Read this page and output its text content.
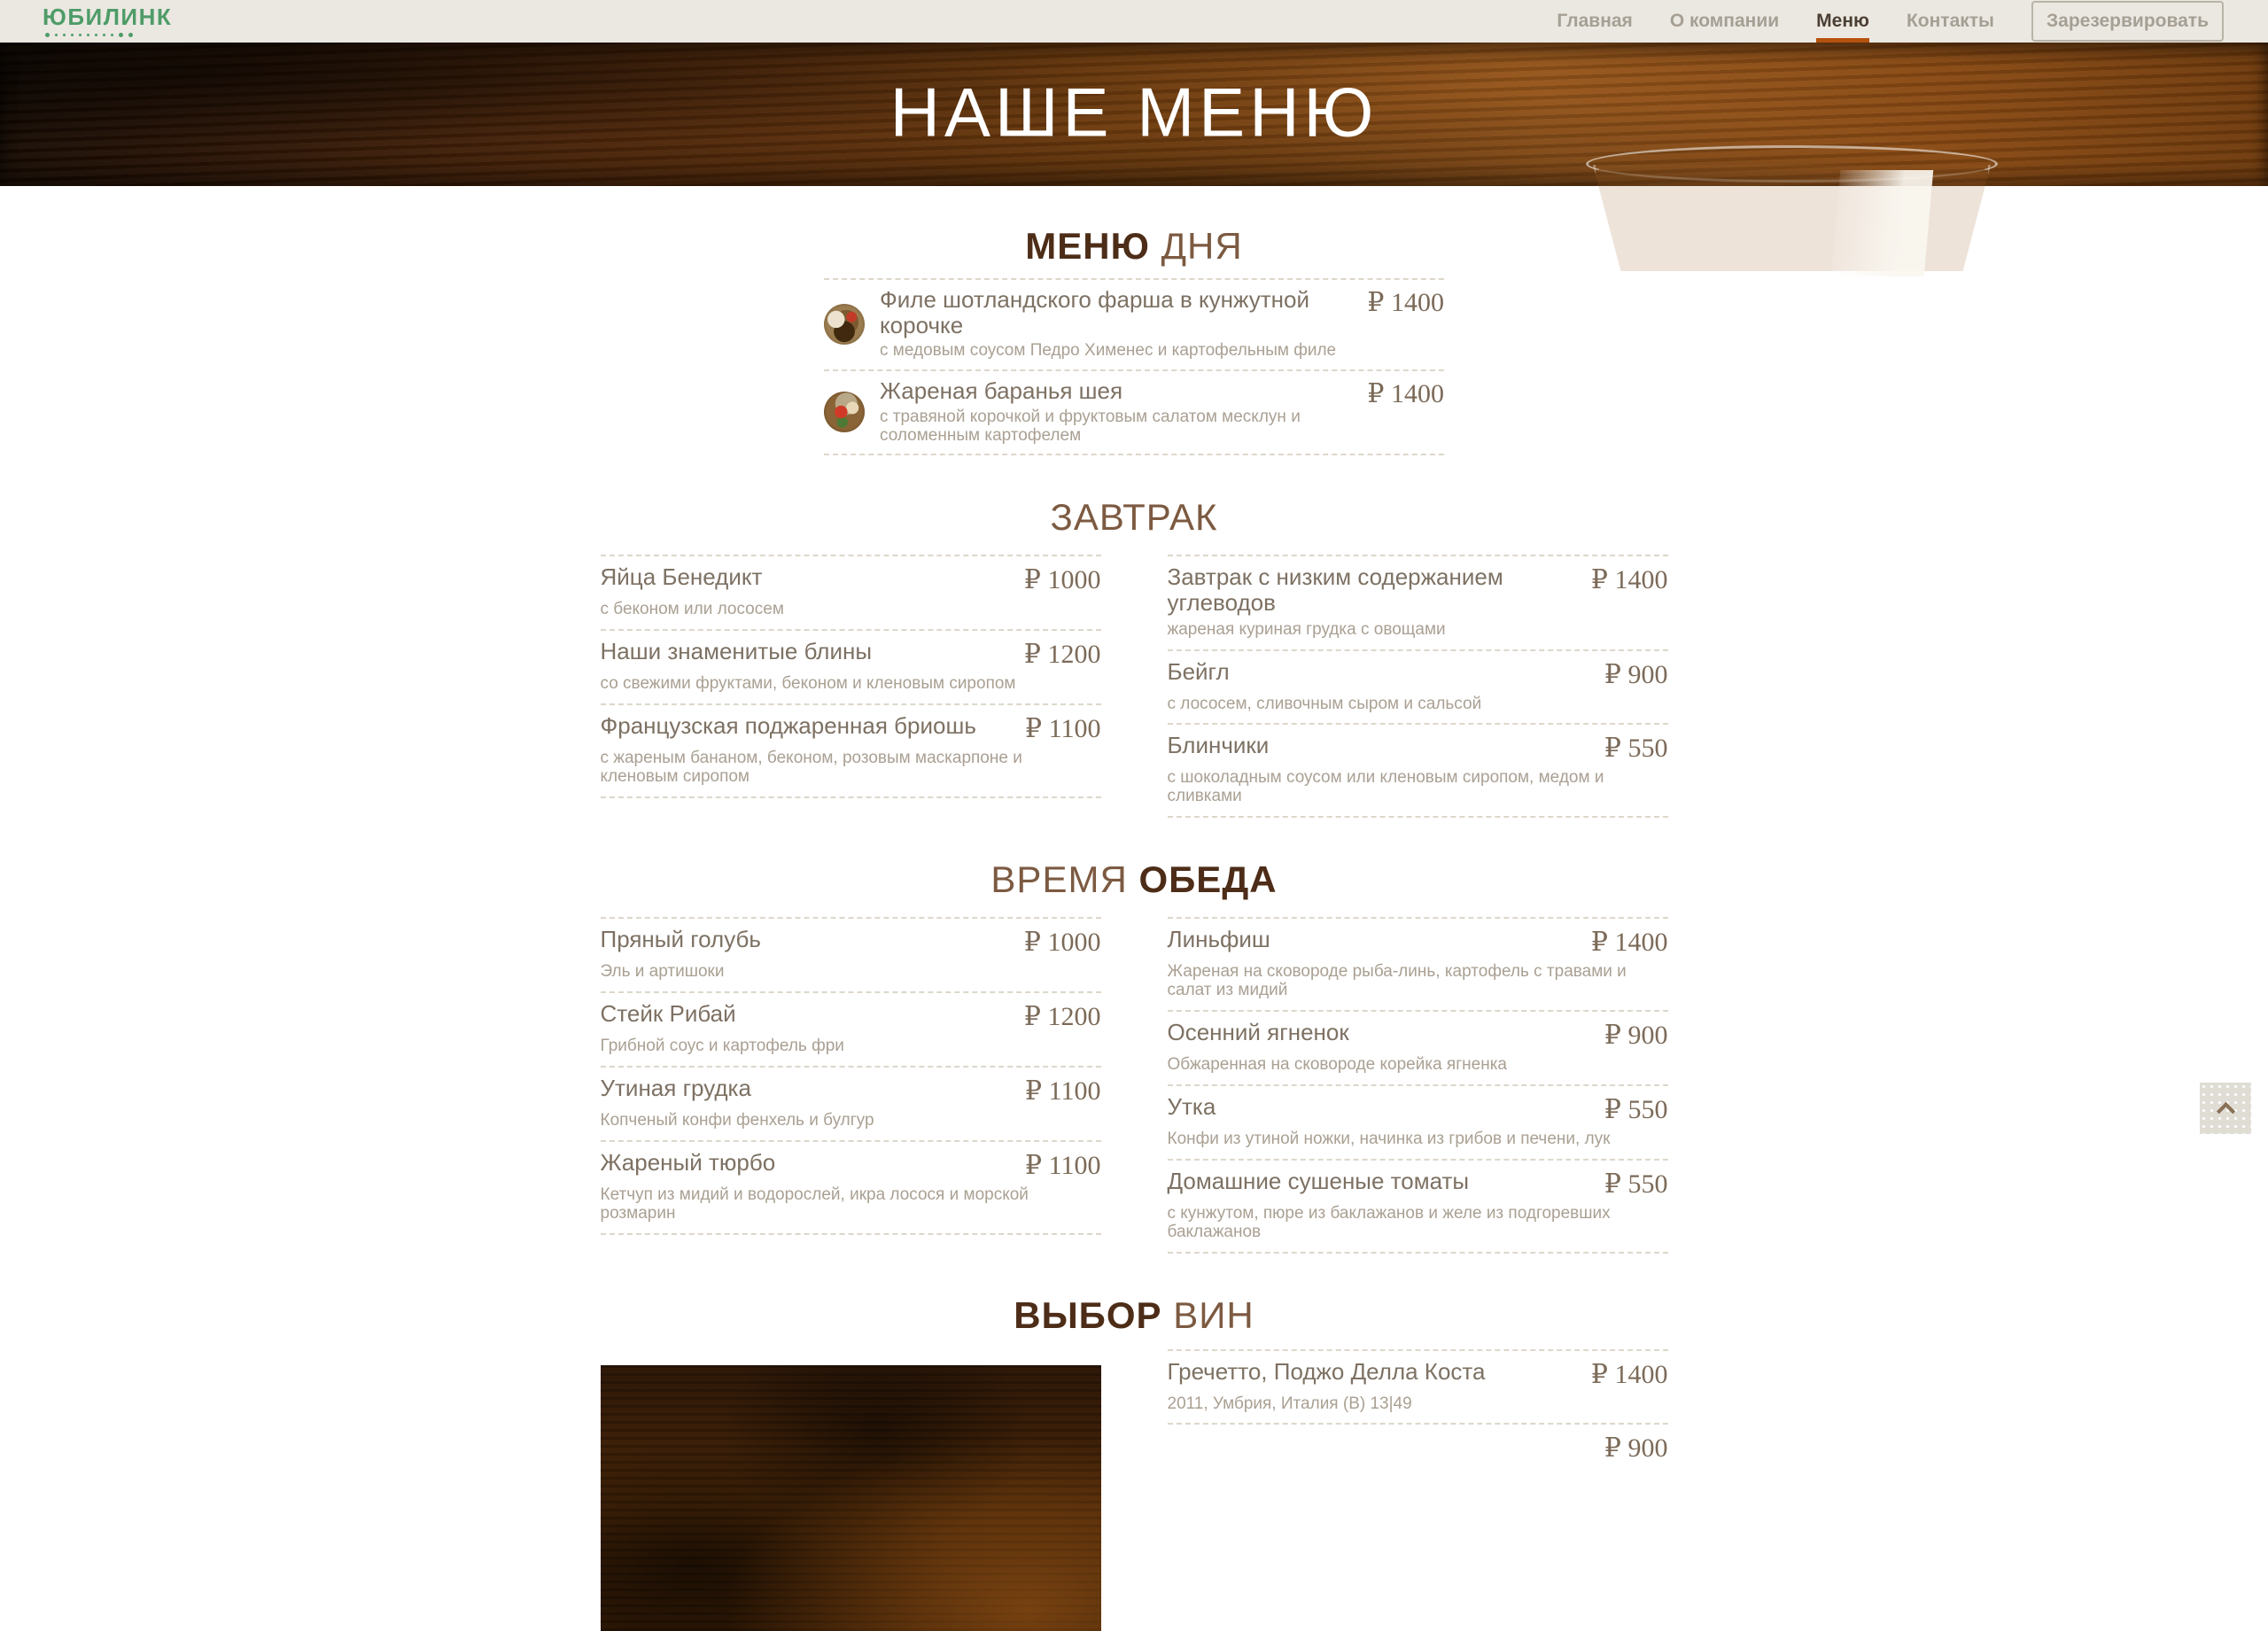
ЮБИЛИНК	Главная О компании Меню Контакты	Зарезервировать
НАШЕ МЕНЮ
МЕНЮ ДНЯ
Филе шотландского фарша в кунжутной корочке
с медовым соусом Педро Хименес и картофельным филе
₽ 1400
Жареная баранья шея
с травяной корочкой и фруктовым салатом месклун и соломенным картофелем
₽ 1400
ЗАВТРАК
Яйца Бенедикт	₽ 1000
с беконом или лососем
Наши знаменитые блины	₽ 1200
со свежими фруктами, беконом и кленовым сиропом
Французская поджаренная бриошь	₽ 1100
с жареным бананом, беконом, розовым маскарпоне и кленовым сиропом
Завтрак с низким содержанием углеводов
₽ 1400
жареная куриная грудка с овощами
Бейгл	₽ 900
с лососем, сливочным сыром и сальсой
Блинчики	₽ 550
с шоколадным соусом или кленовым сиропом, медом и сливками
ВРЕМЯ ОБЕДА
Пряный голубь	₽ 1000
Эль и артишоки
Стейк Рибай	₽ 1200
Грибной соус и картофель фри
Утиная грудка	₽ 1100
Копченый конфи фенхель и булгур
Жареный тюрбо	₽ 1100
Кетчуп из мидий и водорослей, икра лосося и морской розмарин
Линьфиш	₽ 1400
Жареная на сковороде рыба-линь, картофель с травами и салат из мидий
Осенний ягненок	₽ 900
Обжаренная на сковороде корейка ягненка
Утка	₽ 550
Конфи из утиной ножки, начинка из грибов и печени, лук
Домашние сушеные томаты	₽ 550
с кунжутом, пюре из баклажанов и желе из подгоревших баклажанов
ВЫБОР ВИН
Гречетто, Поджо Делла Коста	₽ 1400
2011, Умбрия, Италия (В) 13|49
₽ 900
